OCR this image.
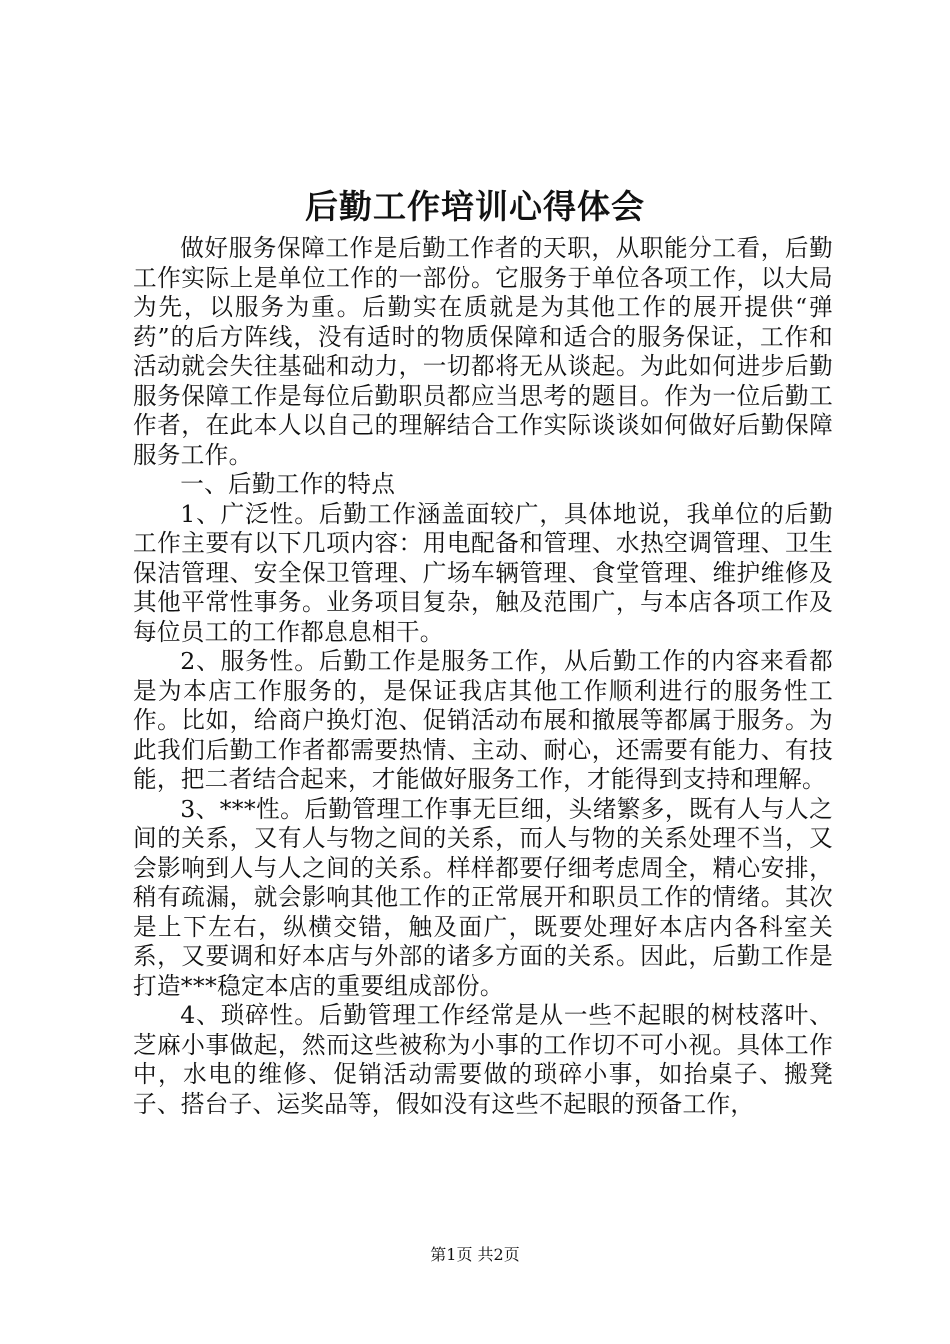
后勤工作培训心得体会

做好服务保障工作是后勤工作者的天职，从职能分工看，后勤工作实际上是单位工作的一部份。它服务于单位各项工作，以大局为先，以服务为重。后勤实在质就是为其他工作的展开提供“弹药”的后方阵线，没有适时的物质保障和适合的服务保证，工作和活动就会失往基础和动力，一切都将无从谈起。为此如何进步后勤服务保障工作是每位后勤职员都应当思考的题目。作为一位后勤工作者，在此本人以自己的理解结合工作实际谈谈如何做好后勤保障服务工作。

一、后勤工作的特点

1、广泛性。后勤工作涵盖面较广，具体地说，我单位的后勤工作主要有以下几项内容：用电配备和管理、水热空调管理、卫生保洁管理、安全保卫管理、广场车辆管理、食堂管理、维护维修及其他平常性事务。业务项目复杂，触及范围广，与本店各项工作及每位员工的工作都息息相干。

2、服务性。后勤工作是服务工作，从后勤工作的内容来看都是为本店工作服务的，是保证我店其他工作顺利进行的服务性工作。比如，给商户换灯泡、促销活动布展和撤展等都属于服务。为此我们后勤工作者都需要热情、主动、耐心，还需要有能力、有技能，把二者结合起来，才能做好服务工作，才能得到支持和理解。

3、***性。后勤管理工作事无巨细，头绪繁多，既有人与人之间的关系，又有人与物之间的关系，而人与物的关系处理不当，又会影响到人与人之间的关系。样样都要仔细考虑周全，精心安排，稍有疏漏，就会影响其他工作的正常展开和职员工作的情绪。其次是上下左右，纵横交错，触及面广，既要处理好本店内各科室关系，又要调和好本店与外部的诸多方面的关系。因此，后勤工作是打造***稳定本店的重要组成部份。

4、琐碎性。后勤管理工作经常是从一些不起眼的树枝落叶、芝麻小事做起，然而这些被称为小事的工作切不可小视。具体工作中，水电的维修、促销活动需要做的琐碎小事，如抬桌子、搬凳子、搭台子、运奖品等，假如没有这些不起眼的预备工作，

第1页 共2页
